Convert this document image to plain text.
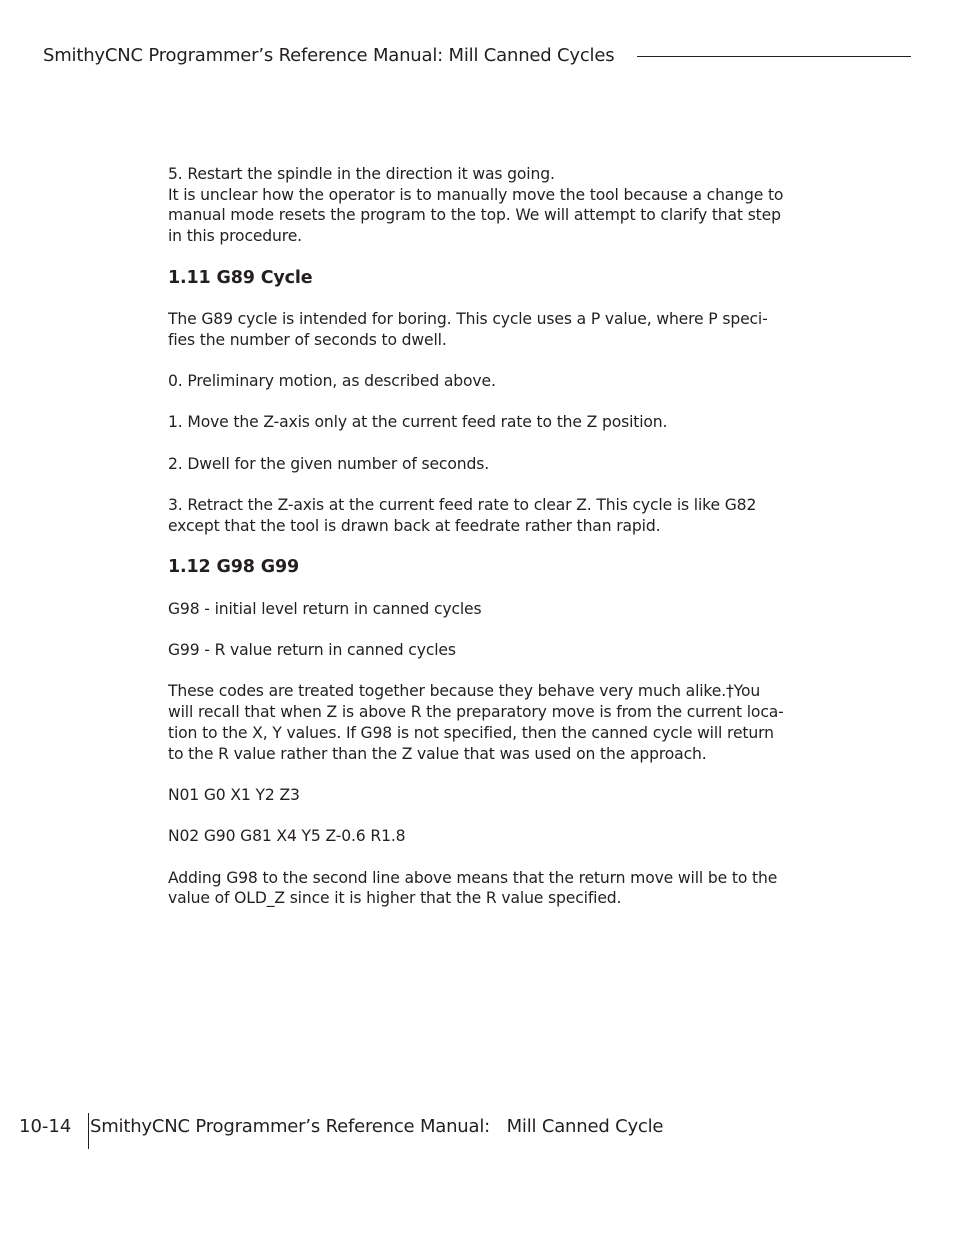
SmithyCNC Programmer’s Reference Manual: Mill Canned Cycles

5. Restart the spindle in the direction it was going.

It is unclear how the operator is to manually move the tool because a change to
manual mode resets the program to the top. We will attempt to clarify that step
in this procedure.

1.11 G89 Cycle

The G89 cycle is intended for boring. This cycle uses a P value, where P speci-
fies the number of seconds to dwell.

0. Preliminary motion, as described above.

1. Move the Z-axis only at the current feed rate to the Z position.

2. Dwell for the given number of seconds.

3. Retract the Z-axis at the current feed rate to clear Z. This cycle is like G82
except that the tool is drawn back at feedrate rather than rapid.

1.12 G98 G99

G98 - initial level return in canned cycles

G99 - R value return in canned cycles

These codes are treated together because they behave very much alike.†You
will recall that when Z is above R the preparatory move is from the current loca-
tion to the X, Y values. If G98 is not specified, then the canned cycle will return
to the R value rather than the Z value that was used on the approach.

N01 G0 X1 Y2 Z3

N02 G90 G81 X4 Y5 Z-0.6 R1.8

Adding G98 to the second line above means that the return move will be to the
value of OLD_Z since it is higher that the R value specified.

10-14 SmithyCNC Programmer’s Reference Manual:   Mill Canned Cycle
